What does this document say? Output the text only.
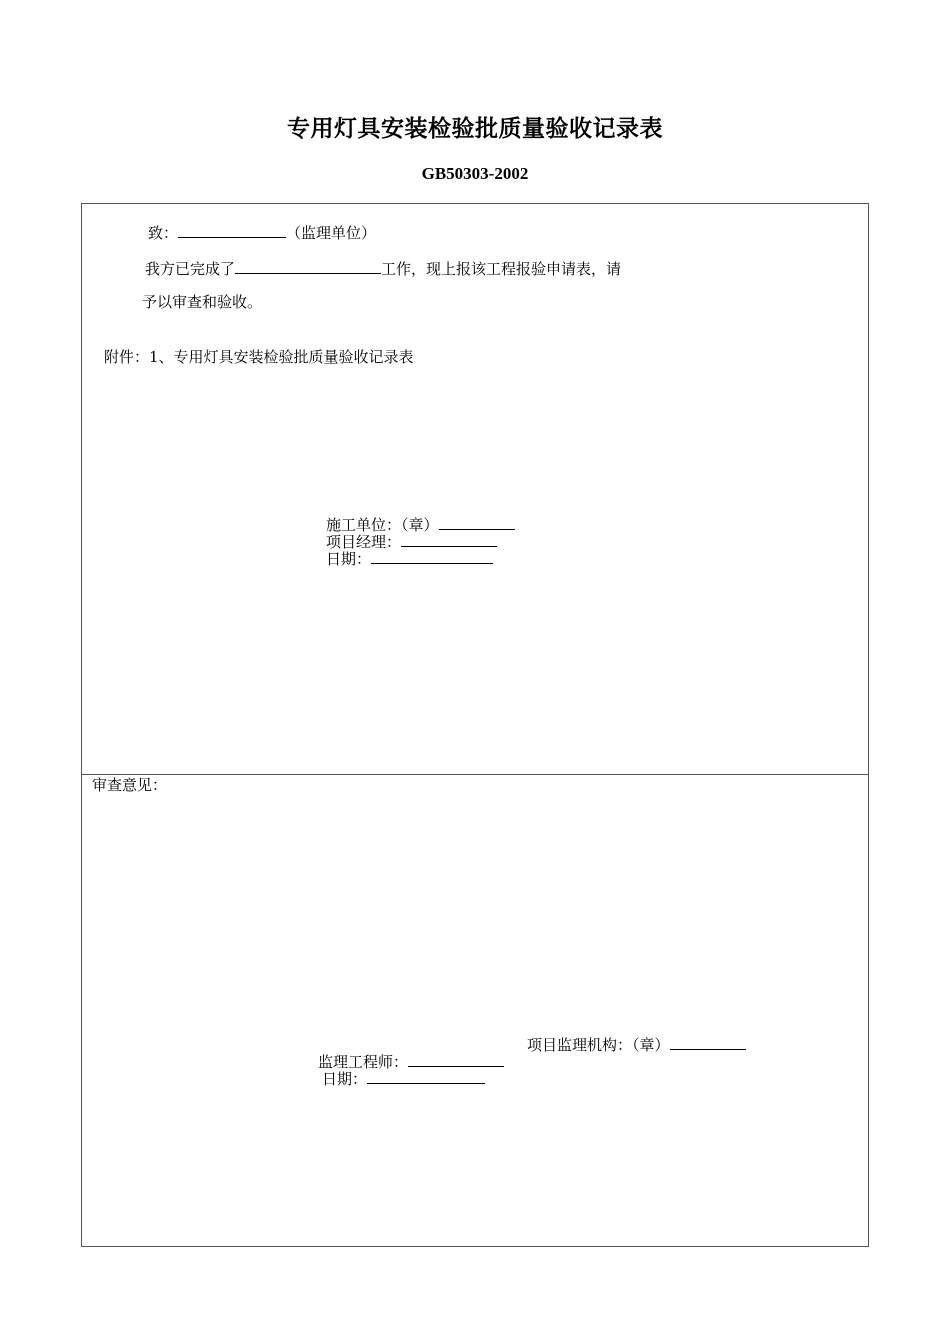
专用灯具安装检验批质量验收记录表
GB50303-2002
致：	（监理单位）
我方已完成了	工作，现上报该工程报验申请表，请
予以审查和验收。
附件：1、专用灯具安装检验批质量验收记录表
施工单位：（章）
项目经理：
日期：
审查意见：
项目监理机构：（章）
监理工程师：
日期：
